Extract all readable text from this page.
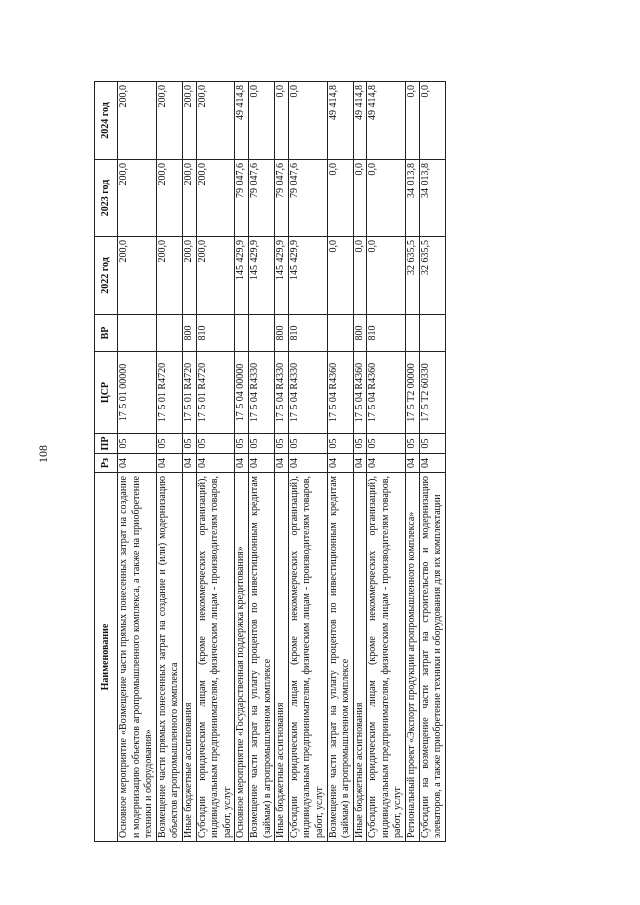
108
Наименование	Рз	ПР	ЦСР	ВР	2022 год	2023 год	2024 год
Основное мероприятие «Возмещение части прямых понесенных затрат на создание и модернизацию объектов агропромышленного комплекса, а также на приобретение техники и оборудования»	04	05	17 5 01 00000		200,0	200,0	200,0
Возмещение части прямых понесенных затрат на создание и (или) модернизацию объектов агропромышленного комплекса	04	05	17 5 01 R4720		200,0	200,0	200,0
Иные бюджетные ассигнования	04	05	17 5 01 R4720	800	200,0	200,0	200,0
Субсидии юридическим лицам (кроме некоммерческих организаций), индивидуальным предпринимателям, физическим лицам - производителям товаров, работ, услуг	04	05	17 5 01 R4720	810	200,0	200,0	200,0
Основное мероприятие «Государственная поддержка кредитования»	04	05	17 5 04 00000		145 429,9	79 047,6	49 414,8
Возмещение части затрат на уплату процентов по инвестиционным кредитам (займам) в агропромышленном комплексе	04	05	17 5 04 R4330		145 429,9	79 047,6	0,0
Иные бюджетные ассигнования	04	05	17 5 04 R4330	800	145 429,9	79 047,6	0,0
Субсидии юридическим лицам (кроме некоммерческих организаций), индивидуальным предпринимателям, физическим лицам - производителям товаров, работ, услуг	04	05	17 5 04 R4330	810	145 429,9	79 047,6	0,0
Возмещение части затрат на уплату процентов по инвестиционным кредитам (займам) в агропромышленном комплексе	04	05	17 5 04 R4360		0,0	0,0	49 414,8
Иные бюджетные ассигнования	04	05	17 5 04 R4360	800	0,0	0,0	49 414,8
Субсидии юридическим лицам (кроме некоммерческих организаций), индивидуальным предпринимателям, физическим лицам - производителям товаров, работ, услуг	04	05	17 5 04 R4360	810	0,0	0,0	49 414,8
Региональный проект «Экспорт продукции агропромышленного комплекса»	04	05	17 5 T2 00000		32 635,5	34 013,8	0,0
Субсидии на возмещение части затрат на строительство и модернизацию элеваторов, а также приобретение техники и оборудования для их комплектации	04	05	17 5 T2 60330		32 635,5	34 013,8	0,0
